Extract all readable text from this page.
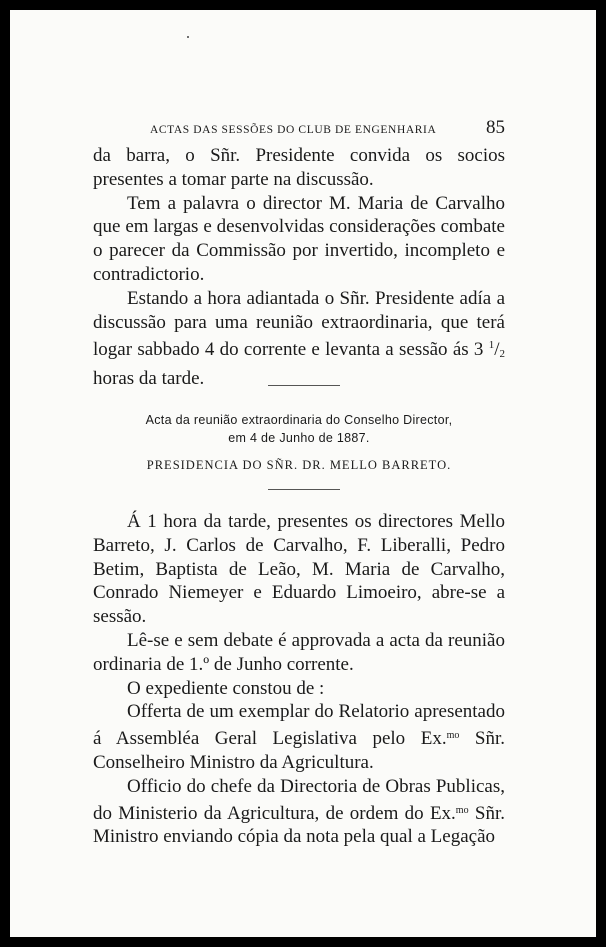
ACTAS DAS SESSÕES DO CLUB DE ENGENHARIA	85

da barra, o Sñr. Presidente convida os socios presentes a tomar parte na discussão.

Tem a palavra o director M. Maria de Carvalho que em largas e desenvolvidas considerações combate o parecer da Commissão por invertido, incompleto e contradictorio.

Estando a hora adiantada o Sñr. Presidente adía a discussão para uma reunião extraordinaria, que terá logar sabbado 4 do corrente e levanta a sessão ás 3 $^1/_2$ horas da tarde.

Acta da reunião extraordinaria do Conselho Director,
em 4 de Junho de 1887.
PRESIDENCIA DO SÑR. DR. MELLO BARRETO.

Á 1 hora da tarde, presentes os directores Mello Barreto, J. Carlos de Carvalho, F. Liberalli, Pedro Betim, Baptista de Leão, M. Maria de Carvalho, Conrado Niemeyer e Eduardo Limoeiro, abre-se a sessão.

Lê-se e sem debate é approvada a acta da reunião ordinaria de 1.º de Junho corrente.

O expediente constou de :

Offerta de um exemplar do Relatorio apresentado á Assembléa Geral Legislativa pelo Ex.$^{mo}$ Sñr. Conselheiro Ministro da Agricultura.

Officio do chefe da Directoria de Obras Publicas, do Ministerio da Agricultura, de ordem do Ex.$^{mo}$ Sñr. Ministro enviando cópia da nota pela qual a Legação
